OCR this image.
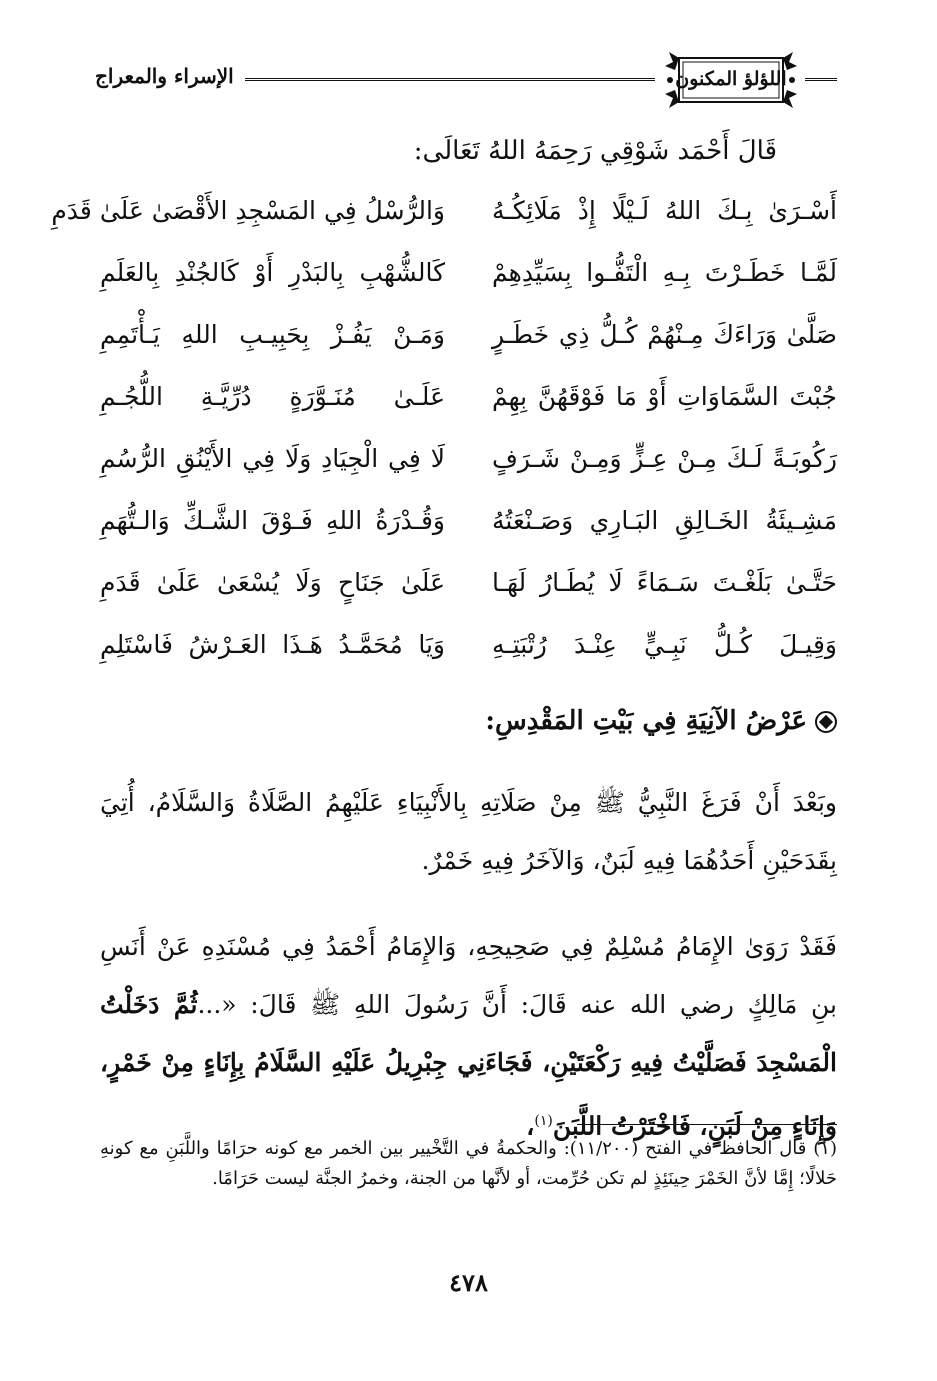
الإسراء والمعراج	اللؤلؤ المكنون
قَالَ أَحْمَد شَوْقِي رَحِمَهُ اللهُ تَعَالَى:
أَسْـرَىٰ بِـكَ اللهُ لَـيْلًا إِذْ مَلَائِكُـهُ
وَالرُّسْلُ فِي المَسْجِدِ الأَقْصَىٰ عَلَىٰ قَدَمِ
لَمَّـا خَطَـرْتَ بِـهِ الْتَفُّـوا بِسَيِّدِهِمْ
كَالشُّهْبِ بِالبَدْرِ أَوْ كَالجُنْدِ بِالعَلَمِ
صَلَّىٰ وَرَاءَكَ مِـنْهُمْ كُـلُّ ذِي خَطَـرٍ
وَمَـنْ يَفُـزْ بِحَبِيـبِ اللهِ يَـأْتَمِمِ
جُبْتَ السَّمَاوَاتِ أَوْ مَا فَوْقَهُنَّ بِهِمْ
عَلَـىٰ مُنَـوَّرَةٍ دُرِّيَّـةِ اللُّجُـمِ
رَكُوبَـةً لَـكَ مِـنْ عِـزٍّ وَمِـنْ شَـرَفٍ
لَا فِي الْجِيَادِ وَلَا فِي الأَيْنُقِ الرُّسُمِ
مَشِـيئَةُ الخَـالِقِ البَـارِي وَصَـنْعَتُهُ
وَقُـدْرَةُ اللهِ فَـوْقَ الشَّـكِّ وَالـتُّهَمِ
حَتَّـىٰ بَلَغْـتَ سَـمَاءً لَا يُطَـارُ لَهَـا
عَلَىٰ جَنَاحٍ وَلَا يُسْعَىٰ عَلَىٰ قَدَمِ
وَقِيـلَ كُـلُّ نَبِـيٍّ عِنْـدَ رُتْبَتِـهِ
وَيَا مُحَمَّـدُ هَـذَا العَـرْشُ فَاسْتَلِمِ
عَرْضُ الآنِيَةِ فِي بَيْتِ المَقْدِسِ:
وبَعْدَ أَنْ فَرَغَ النَّبِيُّ ﷺ مِنْ صَلَاتِهِ بِالأَنْبِيَاءِ عَلَيْهِمُ الصَّلَاةُ وَالسَّلَامُ، أُتِيَ بِقَدَحَيْنِ أَحَدُهُمَا فِيهِ لَبَنٌ، وَالآخَرُ فِيهِ خَمْرٌ.
فَقَدْ رَوَىٰ الإِمَامُ مُسْلِمٌ فِي صَحِيحِهِ، وَالإِمَامُ أَحْمَدُ فِي مُسْنَدِهِ عَنْ أَنَسِ بنِ مَالِكٍ رضي الله عنه قَالَ: أَنَّ رَسُولَ اللهِ ﷺ قَالَ: «...ثُمَّ دَخَلْتُ الْمَسْجِدَ فَصَلَّيْتُ فِيهِ رَكْعَتَيْنِ، فَجَاءَنِي جِبْرِيلُ عَلَيْهِ السَّلَامُ بِإِنَاءٍ مِنْ خَمْرٍ، وَإِنَاءٍ مِنْ لَبَنٍ، فَاخْتَرْتُ اللَّبَنَ$^{(١)}$،
(١) قال الحافظ في الفتح (١١/٢٠٠): والحكمةُ في التَّخْيير بين الخمر مع كونه حرَامًا واللَّبَنِ مع كونهِ حَلالًا؛ إِمَّا لأنَّ الخَمْرَ حِينَئِذٍ لم تكن حُرِّمت، أو لأنَّها من الجنة، وخمرُ الجنَّة ليست حَرَامًا.
٤٧٨
